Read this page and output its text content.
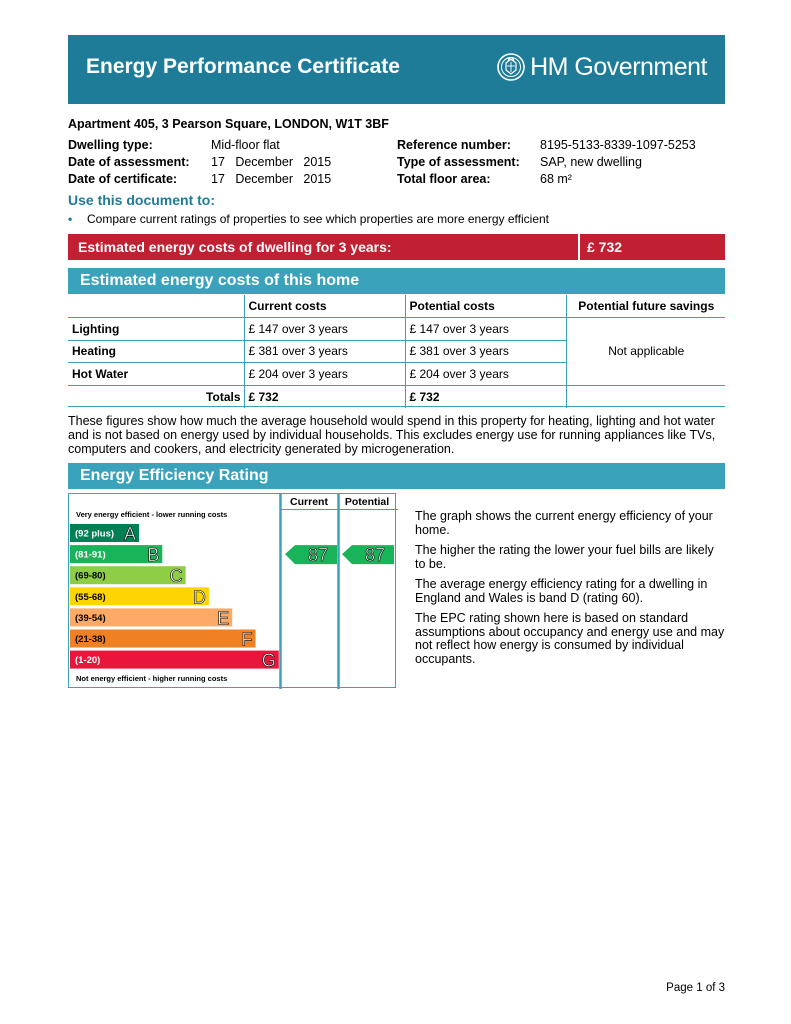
Energy Performance Certificate	HM Government
Apartment 405, 3 Pearson Square, LONDON, W1T 3BF
Dwelling type:	Mid-floor flat
Date of assessment:	17   December   2015
Date of certificate:	17   December   2015
Reference number:	8195-5133-8339-1097-5253
Type of assessment:	SAP, new dwelling
Total floor area:	68 m²
Use this document to:
•	Compare current ratings of properties to see which properties are more energy efficient
Estimated energy costs of dwelling for 3 years:	£ 732
Estimated energy costs of this home
	Current costs	Potential costs	Potential future savings
Lighting	£ 147 over 3 years	£ 147 over 3 years	Not applicable
Heating	£ 381 over 3 years	£ 381 over 3 years	
Hot Water	£ 204 over 3 years	£ 204 over 3 years	
Totals	£ 732	£ 732	
These figures show how much the average household would spend in this property for heating, lighting and hot water and is not based on energy used by individual households. This excludes energy use for running appliances like TVs, computers and cookers, and electricity generated by microgeneration.
Energy Efficiency Rating
Current Potential
Very energy efficient - lower running costs
Not energy efficient - higher running costs
(92 plus) A
(81-91) B
(69-80)	C
(55-68)	D
(39-54)	E
(21-38)	F
(1-20)	G
87 87

The graph shows the current energy efficiency of your home.

The higher the rating the lower your fuel bills are likely to be.

The average energy efficiency rating for a dwelling in England and Wales is band D (rating 60).

The EPC rating shown here is based on standard assumptions about occupancy and energy use and may not reflect how energy is consumed by individual occupants.

Page 1 of 3
